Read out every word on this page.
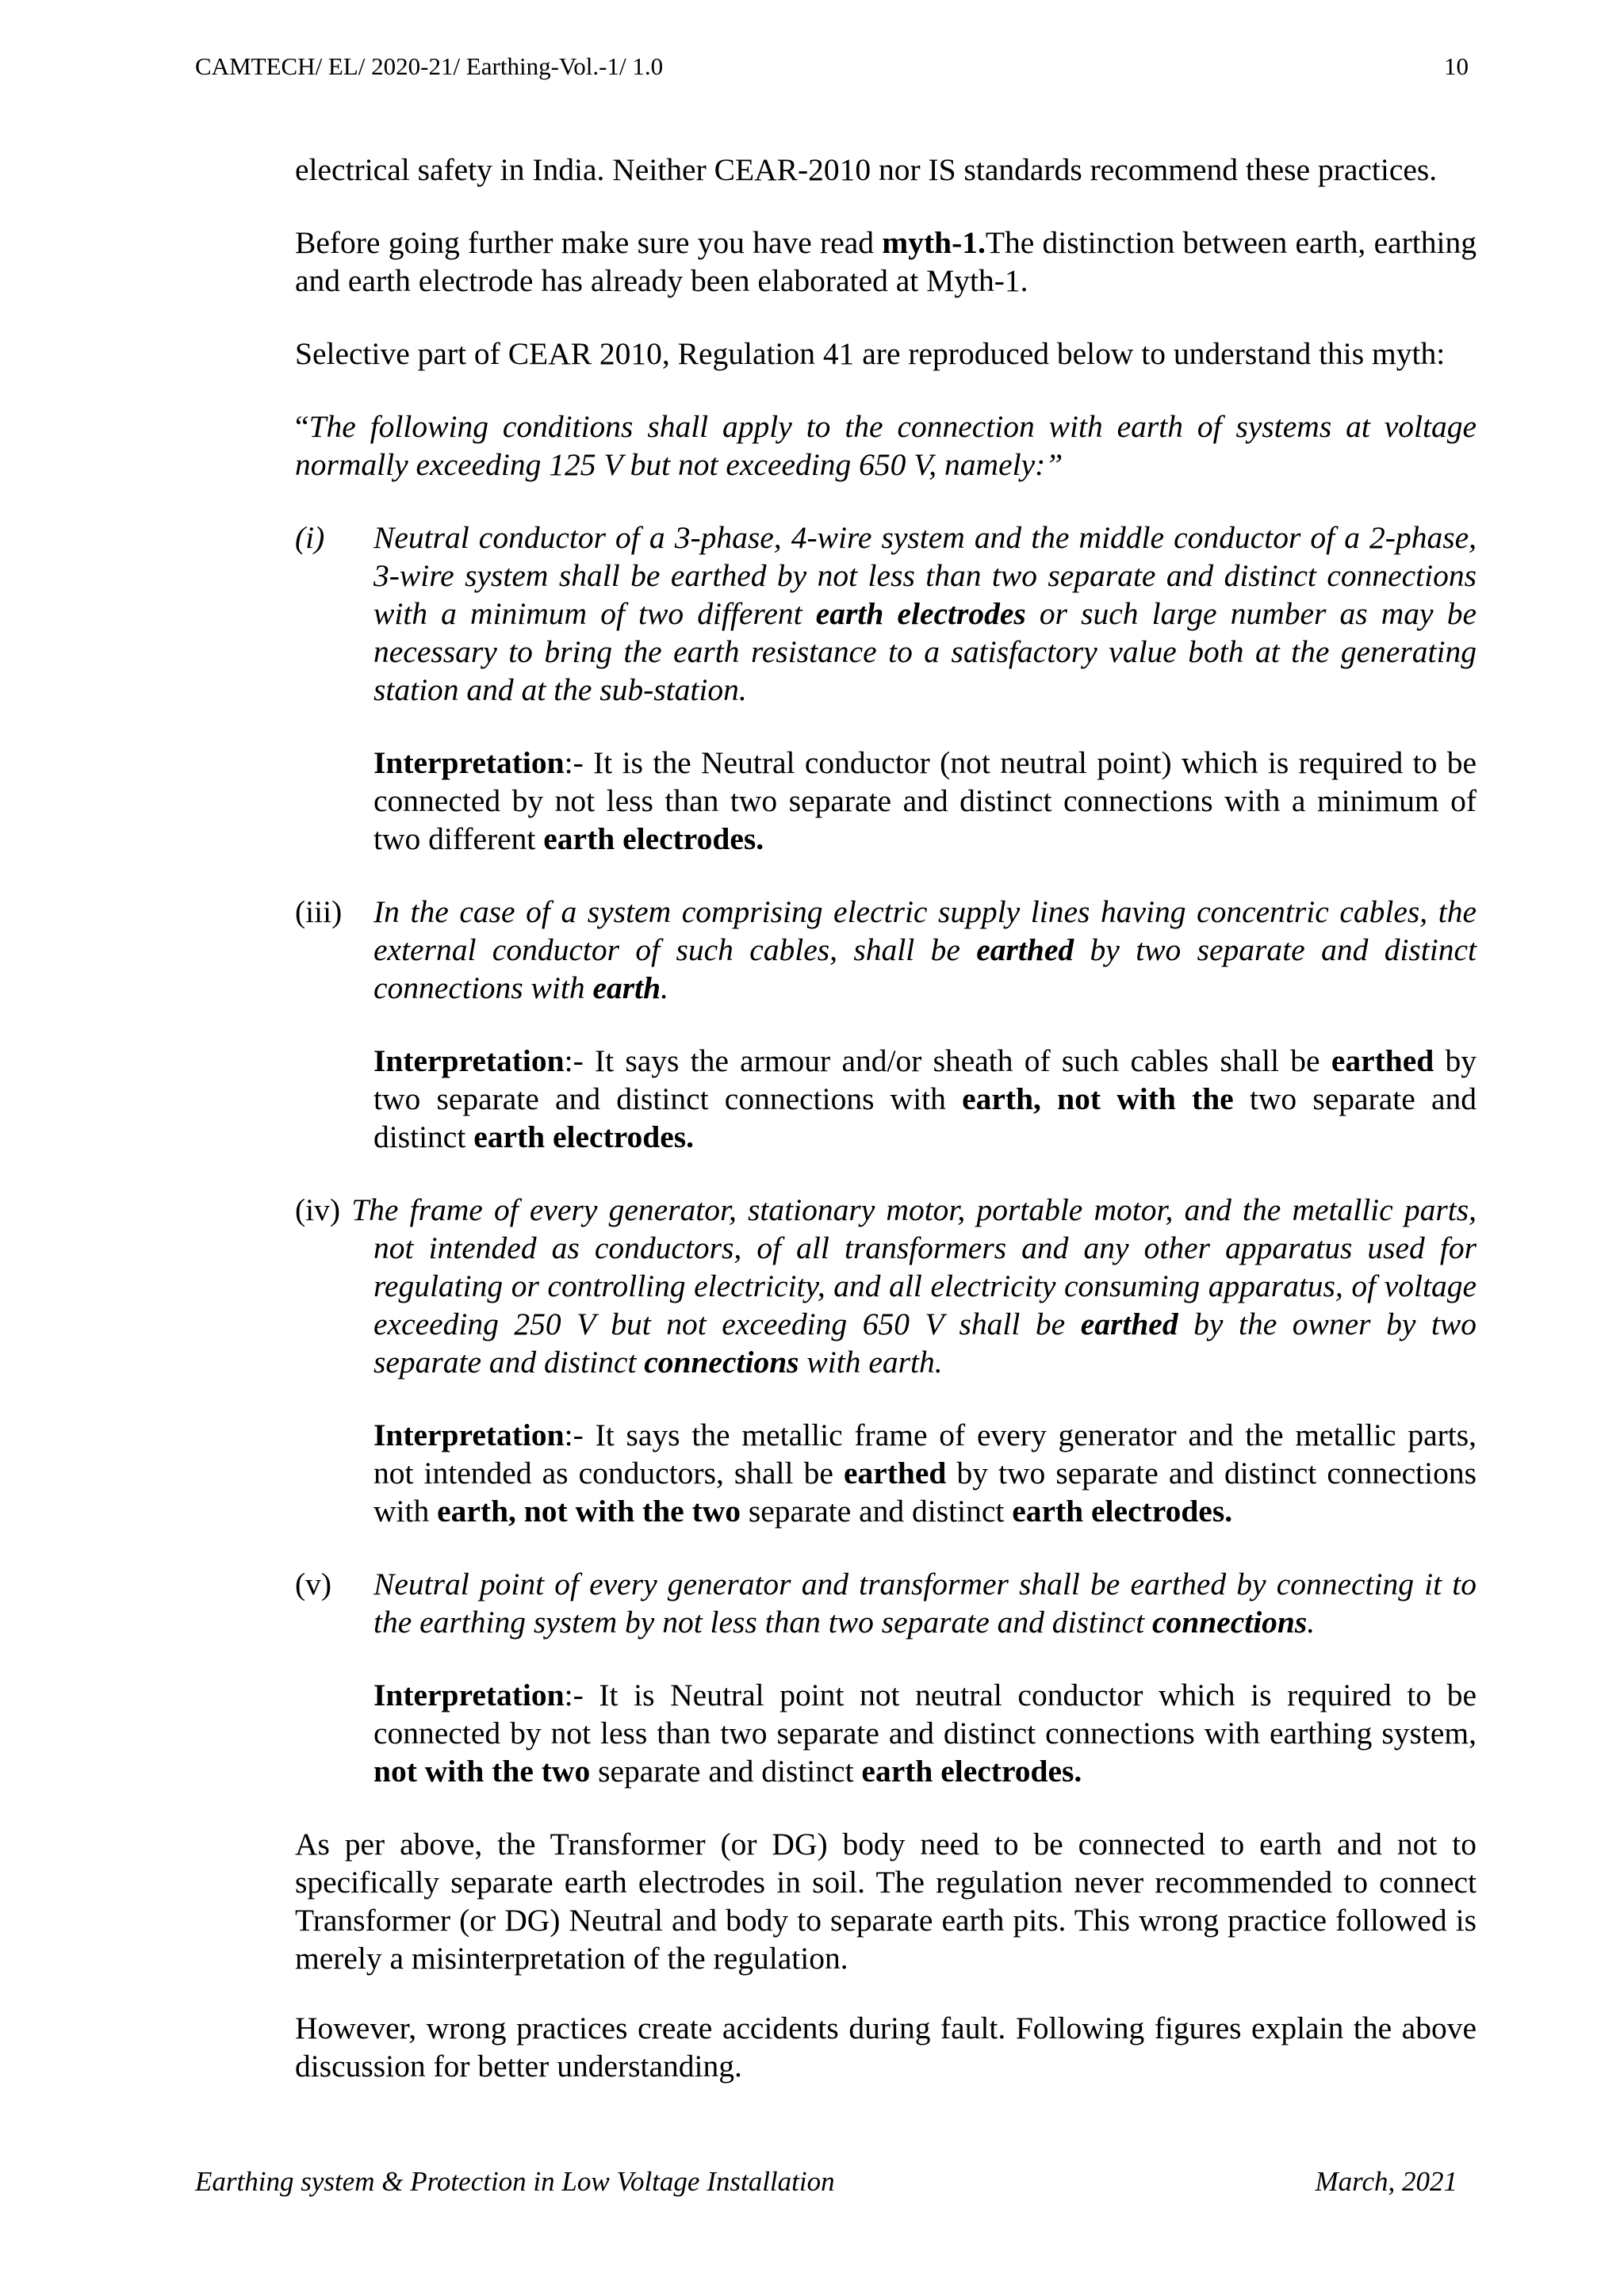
CAMTECH/ EL/ 2020-21/ Earthing-Vol.-1/ 1.0	10

electrical safety in India. Neither CEAR-2010 nor IS standards recommend these practices.

Before going further make sure you have read myth-1.The distinction between earth, earthing and earth electrode has already been elaborated at Myth-1.

Selective part of CEAR 2010, Regulation 41 are reproduced below to understand this myth:

“The following conditions shall apply to the connection with earth of systems at voltage normally exceeding 125 V but not exceeding 650 V, namely:”

(i) Neutral conductor of a 3-phase, 4-wire system and the middle conductor of a 2-phase, 3-wire system shall be earthed by not less than two separate and distinct connections with a minimum of two different earth electrodes or such large number as may be necessary to bring the earth resistance to a satisfactory value both at the generating station and at the sub-station.
Interpretation:- It is the Neutral conductor (not neutral point) which is required to be connected by not less than two separate and distinct connections with a minimum of two different earth electrodes.
(iii) In the case of a system comprising electric supply lines having concentric cables, the external conductor of such cables, shall be earthed by two separate and distinct connections with earth.
Interpretation:- It says the armour and/or sheath of such cables shall be earthed by two separate and distinct connections with earth, not with the two separate and distinct earth electrodes.
(iv) The frame of every generator, stationary motor, portable motor, and the metallic parts, not intended as conductors, of all transformers and any other apparatus used for regulating or controlling electricity, and all electricity consuming apparatus, of voltage exceeding 250 V but not exceeding 650 V shall be earthed by the owner by two separate and distinct connections with earth.
Interpretation:- It says the metallic frame of every generator and the metallic parts, not intended as conductors, shall be earthed by two separate and distinct connections with earth, not with the two separate and distinct earth electrodes.
(v) Neutral point of every generator and transformer shall be earthed by connecting it to the earthing system by not less than two separate and distinct connections.
Interpretation:- It is Neutral point not neutral conductor which is required to be connected by not less than two separate and distinct connections with earthing system, not with the two separate and distinct earth electrodes.

As per above, the Transformer (or DG) body need to be connected to earth and not to specifically separate earth electrodes in soil. The regulation never recommended to connect Transformer (or DG) Neutral and body to separate earth pits. This wrong practice followed is merely a misinterpretation of the regulation.

However, wrong practices create accidents during fault. Following figures explain the above discussion for better understanding.

Earthing system & Protection in Low Voltage Installation	March, 2021
